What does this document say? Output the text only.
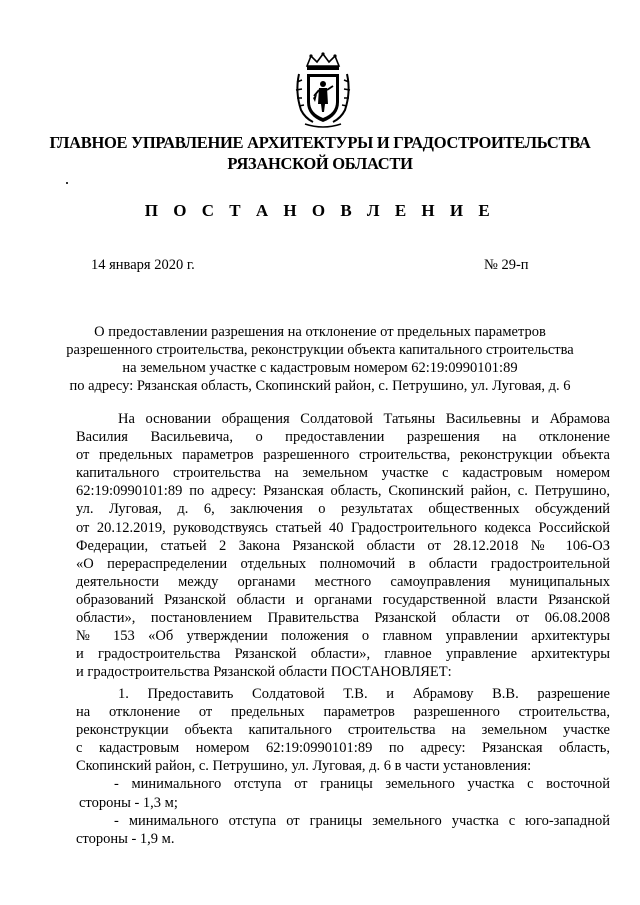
ГЛАВНОЕ УПРАВЛЕНИЕ АРХИТЕКТУРЫ И ГРАДОСТРОИТЕЛЬСТВА
РЯЗАНСКОЙ ОБЛАСТИ
П О С Т А Н О В Л Е Н И Е
14 января 2020 г.	№ 29-п
О предоставлении разрешения на отклонение от предельных параметров
разрешенного строительства, реконструкции объекта капитального строительства
на земельном участке с кадастровым номером 62:19:0990101:89
по адресу: Рязанская область, Скопинский район, с. Петрушино, ул. Луговая, д. 6
На основании обращения Солдатовой Татьяны Васильевны и Абрамова
Василия Васильевича, о предоставлении разрешения на отклонение
от предельных параметров разрешенного строительства, реконструкции объекта
капитального строительства на земельном участке с кадастровым номером
62:19:0990101:89 по адресу: Рязанская область, Скопинский район, с. Петрушино,
ул. Луговая, д. 6, заключения о результатах общественных обсуждений
от 20.12.2019, руководствуясь статьей 40 Градостроительного кодекса Российской
Федерации, статьей 2 Закона Рязанской области от 28.12.2018 № 106-ОЗ
«О перераспределении отдельных полномочий в области градостроительной
деятельности между органами местного самоуправления муниципальных
образований Рязанской области и органами государственной власти Рязанской
области», постановлением Правительства Рязанской области от 06.08.2008
№ 153 «Об утверждении положения о главном управлении архитектуры
и градостроительства Рязанской области», главное управление архитектуры
и градостроительства Рязанской области ПОСТАНОВЛЯЕТ:
1. Предоставить Солдатовой Т.В. и Абрамову В.В. разрешение
на отклонение от предельных параметров разрешенного строительства,
реконструкции объекта капитального строительства на земельном участке
с кадастровым номером 62:19:0990101:89 по адресу: Рязанская область,
Скопинский район, с. Петрушино, ул. Луговая, д. 6 в части установления:
- минимального отступа от границы земельного участка с восточной
стороны - 1,3 м;
- минимального отступа от границы земельного участка с юго-западной
стороны - 1,9 м.
